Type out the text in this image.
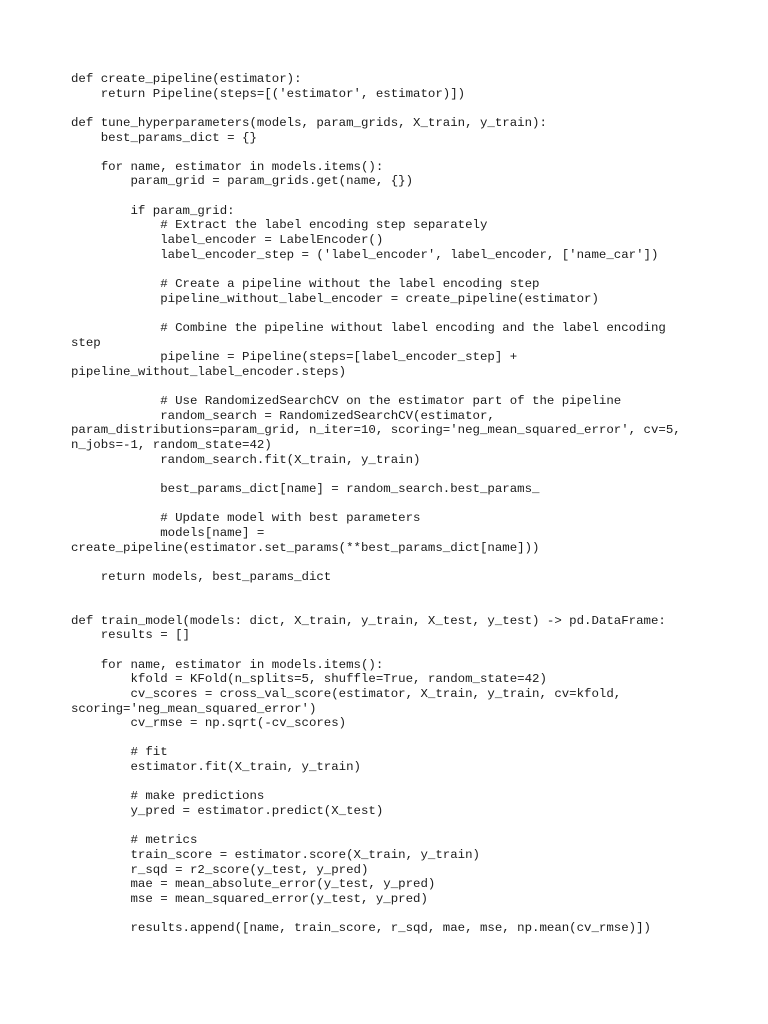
def create_pipeline(estimator):
return Pipeline(steps=[('estimator', estimator)])
def tune_hyperparameters(models, param_grids, X_train, y_train):
best_params_dict = {}
for name, estimator in models.items():
param_grid = param_grids.get(name, {})
if param_grid:
# Extract the label encoding step separately
label_encoder = LabelEncoder()
label_encoder_step = ('label_encoder', label_encoder, ['name_car'])
# Create a pipeline without the label encoding step
pipeline_without_label_encoder = create_pipeline(estimator)
# Combine the pipeline without label encoding and the label encoding
step
pipeline = Pipeline(steps=[label_encoder_step] +
pipeline_without_label_encoder.steps)
# Use RandomizedSearchCV on the estimator part of the pipeline
random_search = RandomizedSearchCV(estimator,
param_distributions=param_grid, n_iter=10, scoring='neg_mean_squared_error', cv=5,
n_jobs=-1, random_state=42)
random_search.fit(X_train, y_train)
best_params_dict[name] = random_search.best_params_
# Update model with best parameters
models[name] =
create_pipeline(estimator.set_params(**best_params_dict[name]))
return models, best_params_dict
def train_model(models: dict, X_train, y_train, X_test, y_test) -> pd.DataFrame:
results = []
for name, estimator in models.items():
kfold = KFold(n_splits=5, shuffle=True, random_state=42)
cv_scores = cross_val_score(estimator, X_train, y_train, cv=kfold,
scoring='neg_mean_squared_error')
cv_rmse = np.sqrt(-cv_scores)
# fit
estimator.fit(X_train, y_train)
# make predictions
y_pred = estimator.predict(X_test)
# metrics
train_score = estimator.score(X_train, y_train)
r_sqd = r2_score(y_test, y_pred)
mae = mean_absolute_error(y_test, y_pred)
mse = mean_squared_error(y_test, y_pred)
results.append([name, train_score, r_sqd, mae, mse, np.mean(cv_rmse)])
